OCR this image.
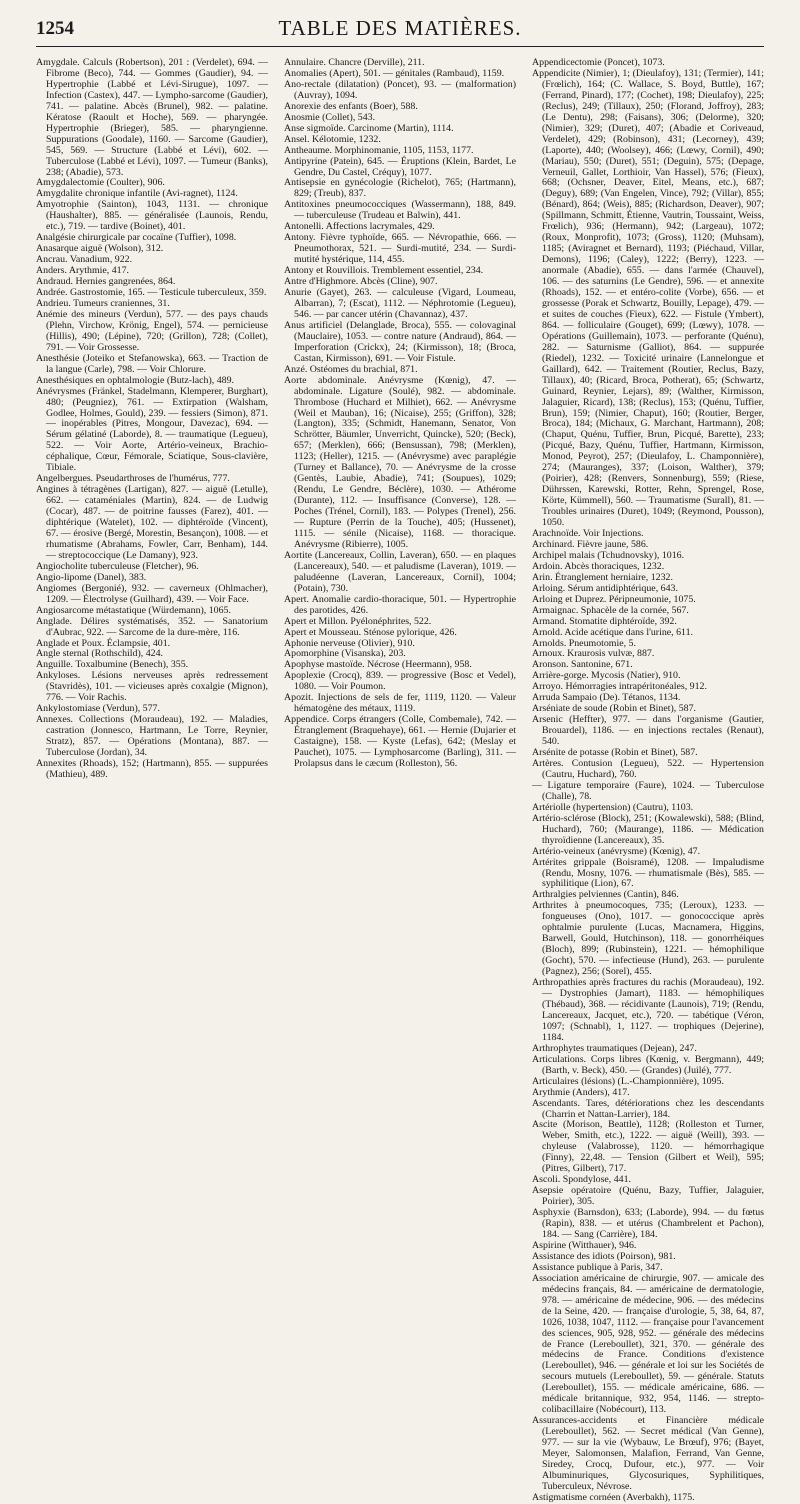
1254	TABLE DES MATIÈRES.

Amygdale. Calculs (Robertson), 201 : (Verdelet), 694. — Fibrome (Beco), 744. — Gommes (Gaudier), 94. — Hypertrophie (Labbé et Lévi-Sirugue), 1097. — Infection (Castex), 447. — Lympho-sarcome (Gaudier), 741. — palatine. Abcès (Brunel), 982. — palatine. Kératose (Raoult et Hoche), 569. — pharyngée. Hypertrophie (Brieger), 585. — pharyngienne. Suppurations (Goodale), 1160. — Sarcome (Gaudier), 545, 569. — Structure (Labbé et Lévi), 602. — Tuberculose (Labbé et Lévi), 1097. — Tumeur (Banks), 238; (Abadie), 573.

Amygdalectomie (Coulter), 906.

Amygdalite chronique infantile (Avi-ragnet), 1124.

Amyotrophie (Sainton), 1043, 1131. — chronique (Haushalter), 885. — généralisée (Launois, Rendu, etc.), 719. — tardive (Boinet), 401.

Analgésie chirurgicale par cocaïne (Tuffier), 1098.

Anasarque aiguë (Wolson), 312.

Ancrau. Vanadium, 922.

Anders. Arythmie, 417.

Andraud. Hernies gangrenées, 864.

Andrée. Gastrostomie, 165. — Testicule tuberculeux, 359.

Andrieu. Tumeurs craniennes, 31.

Anémie des mineurs (Verdun), 577. — des pays chauds (Plehn, Virchow, Krönig, Engel), 574. — pernicieuse (Hillis), 490; (Lépine), 720; (Grillon), 728; (Collet), 791. — Voir Grossesse.

Anesthésie (Joteiko et Stefanowska), 663. — Traction de la langue (Carle), 798. — Voir Chlorure.

Anesthésiques en ophtalmologie (Butz-lach), 489.

Anévrysmes (Fränkel, Stadelmann, Klemperer, Burghart), 480; (Peugniez), 761. — Extirpation (Walsham, Godlee, Holmes, Gould), 239. — fessiers (Simon), 871. — inopérables (Pitres, Mongour, Davezac), 694. — Sérum gélatiné (Laborde), 8. — traumatique (Legueu), 522. — Voir Aorte, Artério-veineux, Brachio-céphalique, Cœur, Fémorale, Sciatique, Sous-clavière, Tibiale.

Angelbergues. Pseudarthroses de l'humérus, 777.

Angines à tétragènes (Lartigan), 827. — aiguë (Letulle), 662. — cataméniales (Martin), 824. — de Ludwig (Cocar), 487. — de poitrine fausses (Farez), 401. — diphtérique (Watelet), 102. — diphtéroïde (Vincent), 67. — érosive (Bergé, Morestin, Besançon), 1008. — et rhumatisme (Abrahams, Fowler, Carr, Benham), 144. — streptococcique (Le Damany), 923.

Angiocholite tuberculeuse (Fletcher), 96.

Angio-lipome (Danel), 383.

Angiomes (Bergonié), 932. — caverneux (Ohlmacher), 1209. — Électrolyse (Guilhard), 439. — Voir Face.

Angiosarcome métastatique (Würdemann), 1065.

Anglade. Délires systématisés, 352. — Sanatorium d'Aubrac, 922. — Sarcome de la dure-mère, 116.

Anglade et Poux. Éclampsie, 401.

Angle sternal (Rothschild), 424.

Anguille. Toxalbumine (Benech), 355.

Ankyloses. Lésions nerveuses après redressement (Stavridès), 101. — vicieuses après coxalgie (Mignon), 776. — Voir Rachis.

Ankylostomiase (Verdun), 577.

Annexes. Collections (Moraudeau), 192. — Maladies, castration (Jonnesco, Hartmann, Le Torre, Reynier, Stratz), 857. — Opérations (Montana), 887. — Tuberculose (Jordan), 34.

Annexites (Rhoads), 152; (Hartmann), 855. — suppurées (Mathieu), 489.

Annulaire. Chancre (Derville), 211.

Anomalies (Apert), 501. — génitales (Rambaud), 1159.

Ano-rectale (dilatation) (Poncet), 93. — (malformation) (Auvray), 1094.

Anorexie des enfants (Boer), 588.

Anosmie (Collet), 543.

Anse sigmoïde. Carcinome (Martin), 1114.

Ansel. Kélotomie, 1232.

Antheaume. Morphinomanie, 1105, 1153, 1177.

Antipyrine (Patein), 645. — Éruptions (Klein, Bardet, Le Gendre, Du Castel, Créquy), 1077.

Antisepsie en gynécologie (Richelot), 765; (Hartmann), 829; (Treub), 837.

Antitoxines pneumococciques (Wassermann), 188, 849. — tuberculeuse (Trudeau et Balwin), 441.

Antonelli. Affections lacrymales, 429.

Antony. Fièvre typhoïde, 665. — Névropathie, 666. — Pneumothorax, 521. — Surdi-mutité, 234. — Surdi-mutité hystérique, 114, 455.

Antony et Rouvillois. Tremblement essentiel, 234.

Antre d'Highmore. Abcès (Cline), 907.

Anurie (Gayet), 263. — calculeuse (Vigard, Loumeau, Albarran), 7; (Escat), 1112. — Néphrotomie (Legueu), 546. — par cancer utérin (Chavannaz), 437.

Anus artificiel (Delanglade, Broca), 555. — colovaginal (Mauclaire), 1053. — contre nature (Andraud), 864. — Imperforation (Crickx), 24; (Kirmisson), 18; (Broca, Castan, Kirmisson), 691. — Voir Fistule.

Anzé. Ostéomes du brachial, 871.

Aorte abdominale. Anévrysme (Kœnig), 47. — abdominale. Ligature (Soulé), 982. — abdominale. Thrombose (Huchard et Milhiet), 662. — Anévrysme (Weil et Mauban), 16; (Nicaise), 255; (Griffon), 328; (Langton), 335; (Schmidt, Hanemann, Senator, Von Schrötter, Bäumler, Unverricht, Quincke), 520; (Beck), 657; (Merklen), 666; (Bensussan), 798; (Merklen), 1123; (Heller), 1215. — (Anévrysme) avec paraplégie (Turney et Ballance), 70. — Anévrysme de la crosse (Gentès, Laubie, Abadie), 741; (Soupues), 1029; (Rendu, Le Gendre, Béclère), 1030. — Athérome (Durante), 112. — Insuffisance (Converse), 128. — Poches (Trénel, Cornil), 183. — Polypes (Trenel), 256. — Rupture (Perrin de la Touche), 405; (Hussenet), 1115. — sénile (Nicaise), 1168. — thoracique. Anévrysme (Ribierre), 1005.

Aortite (Lancereaux, Collin, Laveran), 650. — en plaques (Lancereaux), 540. — et paludisme (Laveran), 1019. — paludéenne (Laveran, Lancereaux, Cornil), 1004; (Potain), 730.

Apert. Anomalie cardio-thoracique, 501. — Hypertrophie des parotides, 426.

Apert et Millon. Pyélonéphrites, 522.

Apert et Mousseau. Sténose pylorique, 426.

Aphonie nerveuse (Olivier), 910.

Apomorphine (Visanska), 203.

Apophyse mastoïde. Nécrose (Heermann), 958.

Apoplexie (Crocq), 839. — progressive (Bosc et Vedel), 1080. — Voir Poumon.

Apozit. Injections de sels de fer, 1119, 1120. — Valeur hématogène des métaux, 1119.

Appendice. Corps étrangers (Colle, Combemale), 742. — Étranglement (Braquehaye), 661. — Hernie (Dujarier et Castaigne), 158. — Kyste (Lefas), 642; (Meslay et Pauchet), 1075. — Lymphosarcome (Barling), 311. — Prolapsus dans le cæcum (Rolleston), 56.

Appendicectomie (Poncet), 1073.

Appendicite (Nimier), 1; (Dieulafoy), 131; (Termier), 141; (Frœlich), 164; (C. Wallace, S. Boyd, Buttle), 167; (Ferrand, Pinard), 177; (Cochet), 198; Dieulafoy), 225; (Reclus), 249; (Tillaux), 250; (Florand, Joffroy), 283; (Le Dentu), 298; (Faisans), 306; (Delorme), 320; (Nimier), 329; (Duret), 407; (Abadie et Coriveaud, Verdelet), 429; (Robinson), 431; (Lecorney), 439; (Laporte), 440; (Woolsey), 466; (Lœwy, Cornil), 490; (Mariau), 550; (Duret), 551; (Deguin), 575; (Depage, Verneuil, Gallet, Lorthioir, Van Hassel), 576; (Fieux), 668; (Ochsner, Deaver, Eitel, Means, etc.), 687; (Deguy), 689; (Van Engelen, Vince), 792; (Villar), 855; (Bénard), 864; (Weis), 885; (Richardson, Deaver), 907; (Spillmann, Schmitt, Étienne, Vautrin, Toussaint, Weiss, Frœlich), 936; (Hermann), 942; (Largeau), 1072; (Roux, Monprofit), 1073; (Gross), 1120; (Muhsam), 1185; (Aviragnet et Bernard), 1193; (Piéchaud, Villar, Demons), 1196; (Caley), 1222; (Berry), 1223. — anormale (Abadie), 655. — dans l'armée (Chauvel), 106. — des saturnins (Le Gendre), 596. — et annexite (Rhoads), 152. — et entéro-colite (Vorbe), 656. — et grossesse (Porak et Schwartz, Bouilly, Lepage), 479. — et suites de couches (Fieux), 622. — Fistule (Ymbert), 864. — folliculaire (Gouget), 699; (Lœwy), 1078. — Opérations (Guillemain), 1073. — perforante (Quénu), 282. — Saturnisme (Galliot), 864. — suppurée (Riedel), 1232. — Toxicité urinaire (Lannelongue et Gaillard), 642. — Traitement (Routier, Reclus, Bazy, Tillaux), 40; (Ricard, Broca, Potherat), 65; (Schwartz, Guinard, Reynier, Lejars), 89; (Walther, Kirmisson, Jalaguier, Ricard), 138; (Reclus), 153; (Quénu, Tuffier, Brun), 159; (Nimier, Chaput), 160; (Routier, Berger, Broca), 184; (Michaux, G. Marchant, Hartmann), 208; (Chaput, Quénu, Tuffier, Brun, Picqué, Barette), 233; (Picqué, Bazy, Quénu, Tuffier, Hartmann, Kirmisson, Monod, Peyrot), 257; (Dieulafoy, L. Champonnière), 274; (Mauranges), 337; (Loison, Walther), 379; (Poirier), 428; (Renvers, Sonnenburg), 559; (Riese, Dührssen, Karewski, Rotter, Rehn, Sprengel, Rose, Körte, Kümmell), 560. — Traumatisme (Surall), 81. — Troubles urinaires (Duret), 1049; (Reymond, Pousson), 1050.

Arachnoïde. Voir Injections.

Archinard. Fièvre jaune, 586.

Archipel malais (Tchudnovsky), 1016.

Ardoin. Abcès thoraciques, 1232.

Arin. Étranglement herniaire, 1232.

Arloing. Sérum antidiphtérique, 643.

Arloing et Duprez. Péripneumonie, 1075.

Armaignac. Sphacèle de la cornée, 567.

Armand. Stomatite diphtéroïde, 392.

Arnold. Acide acétique dans l'urine, 611.

Arnolds. Pneumotomie, 5.

Arnoux. Kraurosis vulvæ, 887.

Aronson. Santonine, 671.

Arrière-gorge. Mycosis (Natier), 910.

Arroyo. Hémorragies intrapéritonéales, 912.

Arruda Sampaio (De). Tétanos, 1134.

Arséniate de soude (Robin et Binet), 587.

Arsenic (Heffter), 977. — dans l'organisme (Gautier, Brouardel), 1186. — en injections rectales (Renaut), 540.

Arsénite de potasse (Robin et Binet), 587.

Artères. Contusion (Legueu), 522. — Hypertension (Cautru, Huchard), 760.

— Ligature temporaire (Faure), 1024. — Tuberculose (Challe), 78.

Artériolle (hypertension) (Cautru), 1103.

Artério-sclérose (Block), 251; (Kowalewski), 588; (Blind, Huchard), 760; (Maurange), 1186. — Médication thyroïdienne (Lancereaux), 35.

Artério-veineux (anévrysme) (Kœnig), 47.

Artérites grippale (Boisramé), 1208. — Impaludisme (Rendu, Mosny, 1076. — rhumatismale (Bès), 585. — syphilitique (Lion), 67.

Arthralgies pelviennes (Cantin), 846.

Arthrites à pneumocoques, 735; (Leroux), 1233. — fongueuses (Ono), 1017. — gonococcique après ophtalmie purulente (Lucas, Macnamera, Higgins, Barwell, Gould, Hutchinson), 118. — gonorrhéiques (Bloch), 899; (Rubinstein), 1221. — hémophilique (Gocht), 570. — infectieuse (Hund), 263. — purulente (Pagnez), 256; (Sorel), 455.

Arthropathies après fractures du rachis (Moraudeau), 192. — Dystrophies (Jamart), 1183. — hémophiliques (Thébaud), 368. — récidivante (Launois), 719; (Rendu, Lancereaux, Jacquet, etc.), 720. — tabétique (Véron, 1097; (Schnabl), 1, 1127. — trophiques (Dejerine), 1184.

Arthrophytes traumatiques (Dejean), 247.

Articulations. Corps libres (Kœnig, v. Bergmann), 449; (Barth, v. Beck), 450. — (Grandes) (Juilé), 777.

Articulaires (lésions) (L.-Championnière), 1095.

Arythmie (Anders), 417.

Ascendants. Tares, détériorations chez les descendants (Charrin et Nattan-Larrier), 184.

Ascite (Morison, Beattle), 1128; (Rolleston et Turner, Weber, Smith, etc.), 1222. — aiguë (Weill), 393. — chyleuse (Valabrosse), 1120. — hémorrhagique (Finny), 22,48. — Tension (Gilbert et Weil), 595; (Pitres, Gilbert), 717.

Ascoli. Spondylose, 441.

Asepsie opératoire (Quénu, Bazy, Tuffier, Jalaguier, Poirier), 305.

Asphyxie (Barnsdon), 633; (Laborde), 994. — du fœtus (Rapin), 838. — et utérus (Chambrelent et Pachon), 184. — Sang (Carrière), 184.

Aspirine (Witthauer), 946.

Assistance des idiots (Poirson), 981.

Assistance publique à Paris, 347.

Association américaine de chirurgie, 907. — amicale des médecins français, 84. — américaine de dermatologie, 978. — américaine de médecine, 906. — des médecins de la Seine, 420. — française d'urologie, 5, 38, 64, 87, 1026, 1038, 1047, 1112. — française pour l'avancement des sciences, 905, 928, 952. — générale des médecins de France (Lereboullet), 321, 370. — générale des médecins de France. Conditions d'existence (Lereboullet), 946. — générale et loi sur les Sociétés de secours mutuels (Lereboullet), 59. — générale. Statuts (Lereboullet), 155. — médicale américaine, 686. — médicale britannique, 932, 954, 1146. — strepto-colibacillaire (Nobécourt), 113.

Assurances-accidents et Financière médicale (Lereboullet), 562. — Secret médical (Van Genne), 977. — sur la vie (Wybauw, Le Brœuf), 976; (Bayet, Meyer, Salomonsen, Malafion, Ferrand, Van Genne, Siredey, Crocq, Dufour, etc.), 977. — Voir Albuminuriques, Glycosuriques, Syphilitiques, Tuberculeux, Névrose.

Astigmatisme cornéen (Averbakh), 1175.
